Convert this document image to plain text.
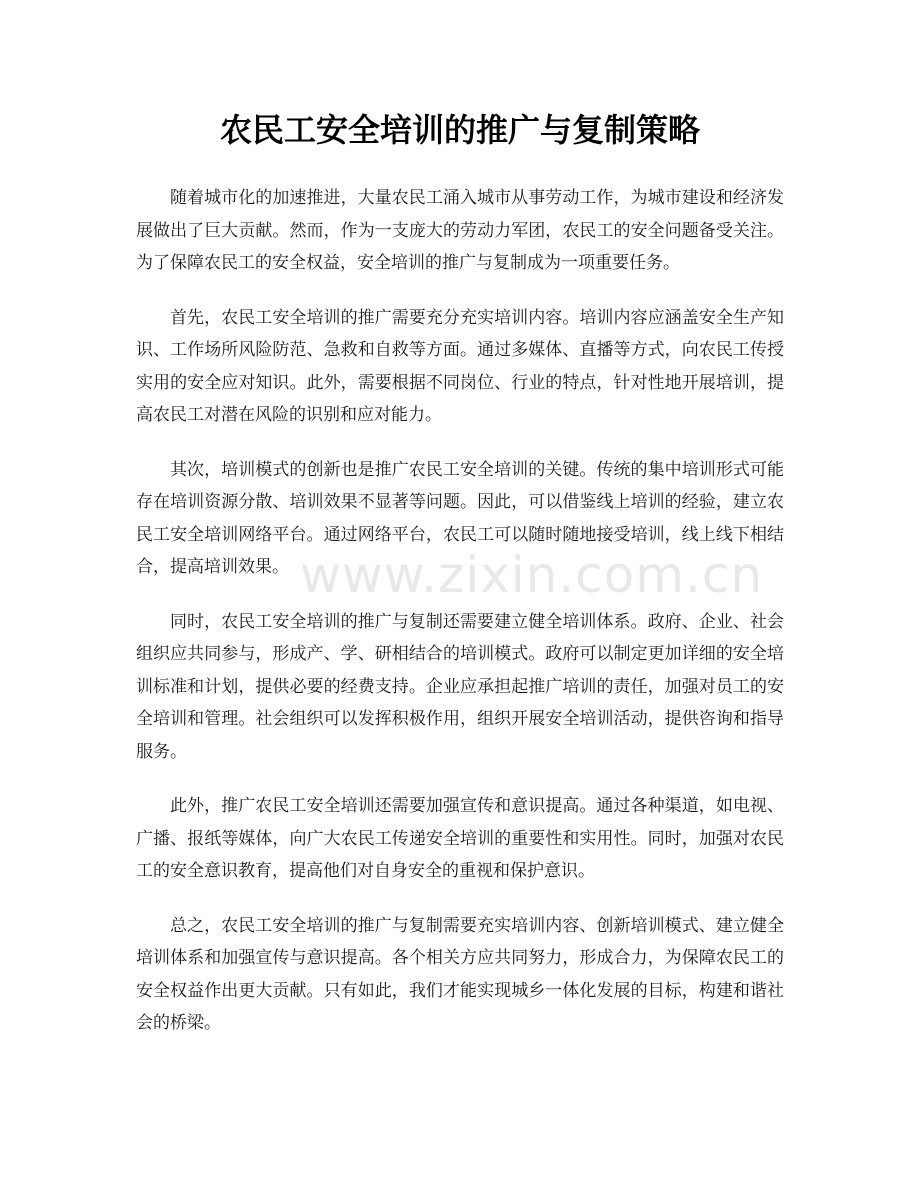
农民工安全培训的推广与复制策略

随着城市化的加速推进，大量农民工涌入城市从事劳动工作，为城市建设和经济发展做出了巨大贡献。然而，作为一支庞大的劳动力军团，农民工的安全问题备受关注。为了保障农民工的安全权益，安全培训的推广与复制成为一项重要任务。

首先，农民工安全培训的推广需要充分充实培训内容。培训内容应涵盖安全生产知识、工作场所风险防范、急救和自救等方面。通过多媒体、直播等方式，向农民工传授实用的安全应对知识。此外，需要根据不同岗位、行业的特点，针对性地开展培训，提高农民工对潜在风险的识别和应对能力。

其次，培训模式的创新也是推广农民工安全培训的关键。传统的集中培训形式可能存在培训资源分散、培训效果不显著等问题。因此，可以借鉴线上培训的经验，建立农民工安全培训网络平台。通过网络平台，农民工可以随时随地接受培训，线上线下相结合，提高培训效果。

同时，农民工安全培训的推广与复制还需要建立健全培训体系。政府、企业、社会组织应共同参与，形成产、学、研相结合的培训模式。政府可以制定更加详细的安全培训标准和计划，提供必要的经费支持。企业应承担起推广培训的责任，加强对员工的安全培训和管理。社会组织可以发挥积极作用，组织开展安全培训活动，提供咨询和指导服务。

此外，推广农民工安全培训还需要加强宣传和意识提高。通过各种渠道，如电视、广播、报纸等媒体，向广大农民工传递安全培训的重要性和实用性。同时，加强对农民工的安全意识教育，提高他们对自身安全的重视和保护意识。

总之，农民工安全培训的推广与复制需要充实培训内容、创新培训模式、建立健全培训体系和加强宣传与意识提高。各个相关方应共同努力，形成合力，为保障农民工的安全权益作出更大贡献。只有如此，我们才能实现城乡一体化发展的目标，构建和谐社会的桥梁。

www.zixin.com.cn
